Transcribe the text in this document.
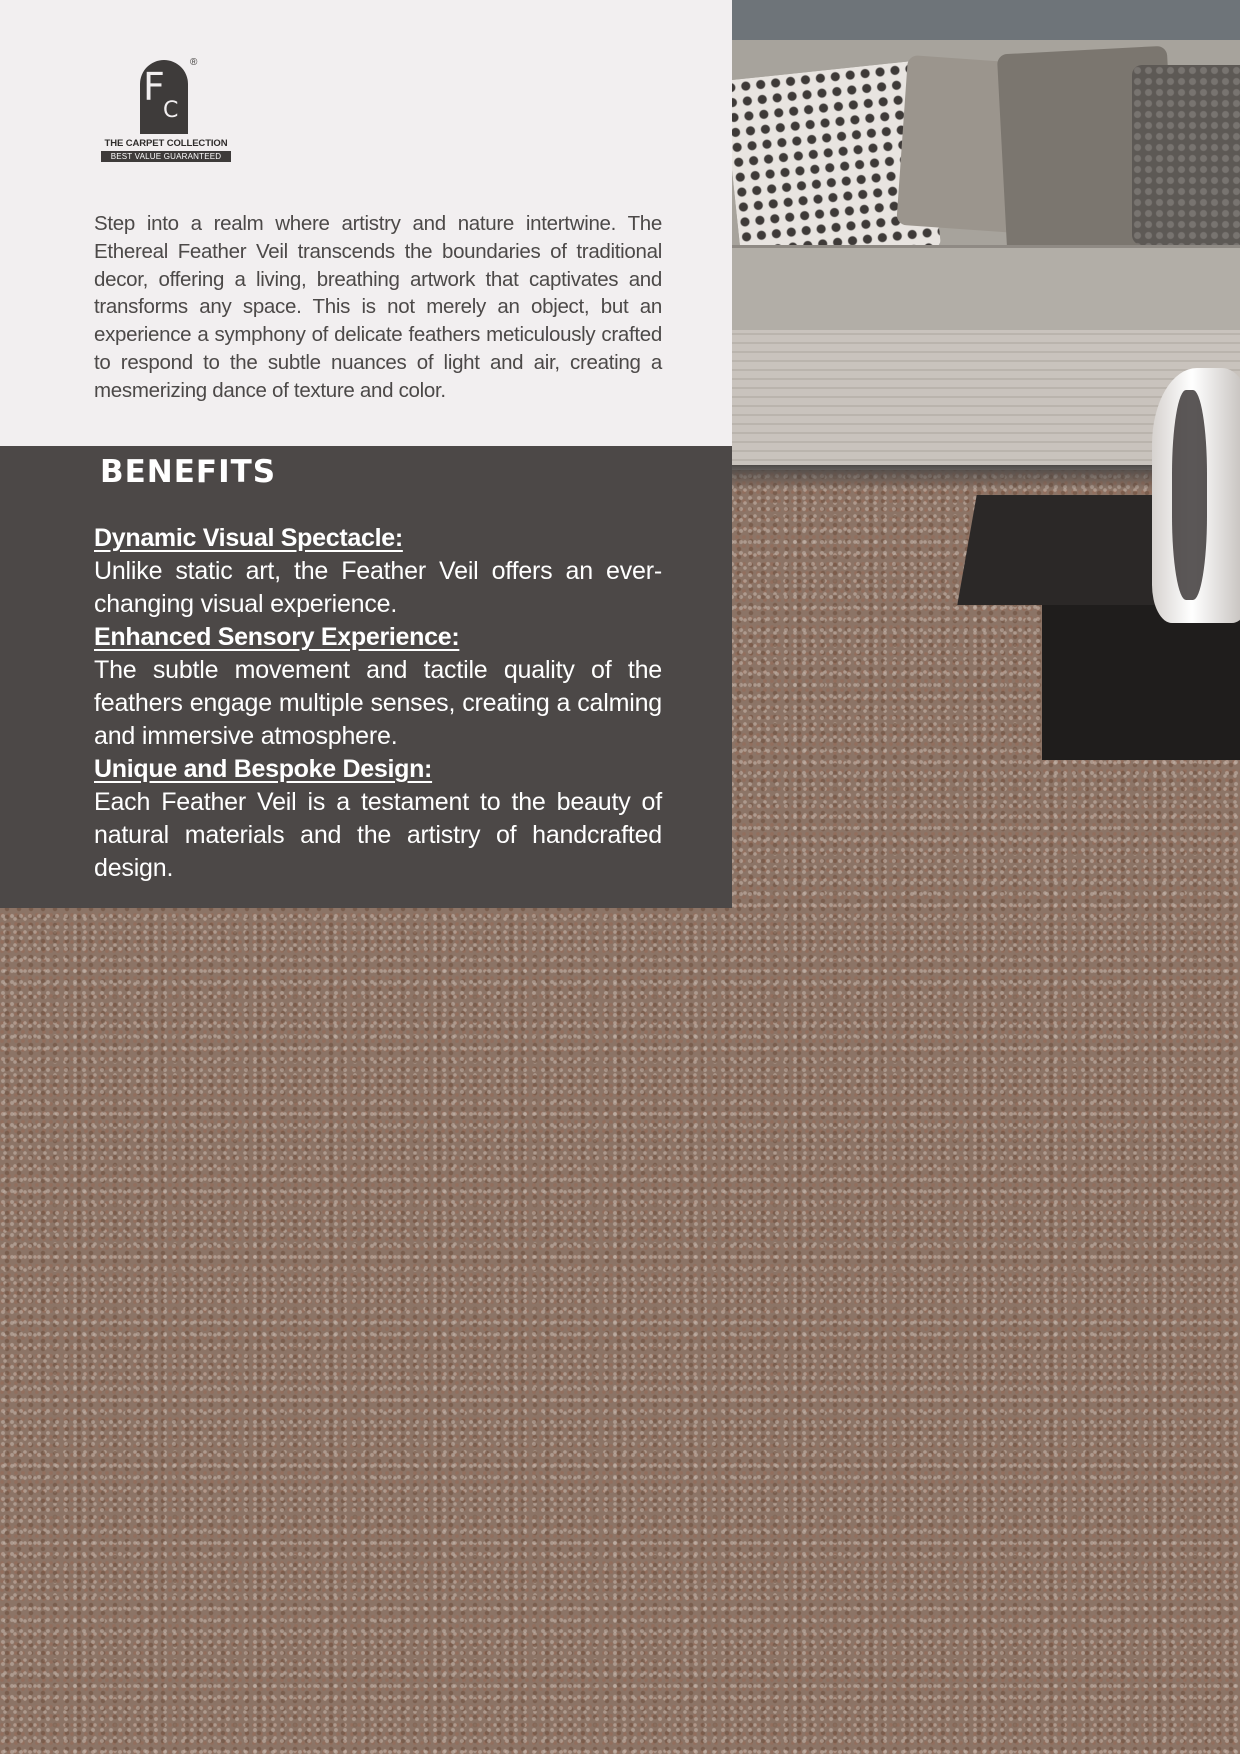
F
C
®
THE CARPET COLLECTION
BEST VALUE GUARANTEED

Step into a realm where artistry and nature intertwine. The Ethereal Feather Veil transcends the boundaries of traditional decor, offering a living, breathing artwork that captivates and transforms any space. This is not merely an object, but an experience a symphony of delicate feathers meticulously crafted to respond to the subtle nuances of light and air, creating a mesmerizing dance of texture and color.

BENEFITS
Dynamic Visual Spectacle:
Unlike static art, the Feather Veil offers an ever-changing visual experience.
Enhanced Sensory Experience:
The subtle movement and tactile quality of the feathers engage multiple senses, creating a calming and immersive atmosphere.
Unique and Bespoke Design:
Each Feather Veil is a testament to the beauty of natural materials and the artistry of handcrafted design.
